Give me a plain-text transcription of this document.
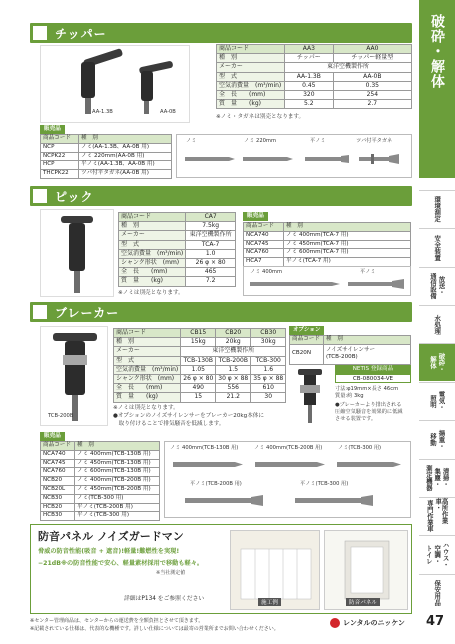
破砕・解体
環境測定
安全装置
放送・
通信設備
水処理
破砕・
解体
電気・
照明
揚重・
移動
清掃・
集塵・
測定機器
高所作業車・
専門作業車
ハウス・
空調・
トイレ
保安用品
チッパー
AA-1.3B	AA-0B
商品コード	AA3	AA0
種　別	チッパー	チッパー軽量型
メーカー	東洋空機製作所	
型　式	AA-1.3B	AA-0B
空気消費量　(m³/min)	0.45	0.35
全　長　　(mm)	320	254
質　量　　(kg)	5.2	2.7
※ノミ・タガネは別売となります。
販売品
商品コード	種　別
NCP	ノミ(AA-1.3B、AA-0B 用)
NCPK22	ノミ 220mm(AA-0B 用)
HCP	平ノミ(AA-1.3B、AA-0B 用)
THCPK22	ツバ付平タガネ(AA-0B 用)
ノミ	ノミ 220mm	平ノミ	ツバ付平タガネ
ピック
商品コード	CA7
種　別	7.5kg
メーカー	東洋空機製作所
型　式	TCA-7
空気消費量　(m³/min)	1.0
シャンク形状　(mm)	26 φ × 80
全　長　　(mm)	465
質　量　　(kg)	7.2
※ノミは別売となります。
販売品
商品コード	種　別
NCA740	ノミ 400mm(TCA-7 用)
NCA745	ノミ 450mm(TCA-7 用)
NCA760	ノミ 600mm(TCA-7 用)
HCA7	平ノミ(TCA-7 用)
ノミ 400mm	平ノミ
ブレーカー
TCB-200B
商品コード	CB15	CB20	CB30
種　別	15kg	20kg	30kg
メーカー	東洋空機製作所		
型　式	TCB-130B	TCB-200B	TCB-300
空気消費量　(m³/min)	1.05	1.5	1.6
シャンク形状　(mm)	26 φ × 80	30 φ × 88	35 φ × 88
全　長　　(mm)	490	556	610
質　量　　(kg)	15	21.2	30
※ノミは別売となります。
●オプションのノイズサイレンサーをブレーカー20kg本体に
　取り付けることで排気騒音を低減します。
オプション
商品コード	種　別
CB20N	ノイズサイレンサー
(TCB-200B)
NETIS 登録商品
CB-080034-VE
寸法:φ19mm×長さ 46cm
質量:約 3kg
●ブレーカーより排出される
圧縮空気騒音を効果的に低減
させる装置です。
販売品
商品コード	種　別
NCA740	ノミ 400mm(TCB-130B 用)
NCA745	ノミ 450mm(TCB-130B 用)
NCA760	ノミ 600mm(TCB-130B 用)
NCB20	ノミ 400mm(TCB-200B 用)
NCB20L	ノミ 450mm(TCB-200B 用)
NCB30	ノミ(TCB-300 用)
HCB20	平ノミ(TCB-200B 用)
HCB30	平ノミ(TCB-300 用)
ノミ 400mm(TCB-130B 用)	ノミ 400mm(TCB-200B 用)	ノミ(TCB-300 用)
平ノミ(TCB-200B 用)	平ノミ(TCB-300 用)
防音パネル ノイズガードマン
脅威の防音性能(吸音 + 遮音)!軽量!難燃性を実現!
−21dB※の防音性能で安心、軽量素材採用で移動も軽々。
※当社測定値
詳細はP134 をご参照ください
施工例	防音パネル
※センター管理商品は、センターからの運送費を全額負担とさせて頂きます。
※記載されている仕様は、代表的な機種です。詳しい仕様については最寄の営業所までお問い合わせください。
レンタルのニッケン 47
